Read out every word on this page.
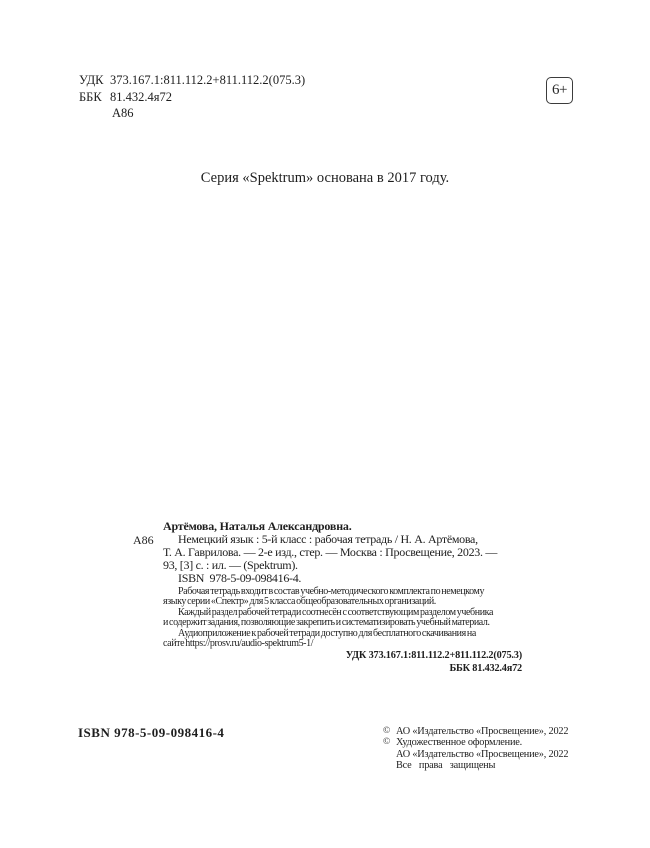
УДК 373.167.1:811.112.2+811.112.2(075.3)
ББК 81.432.4я72
А86
6+
Серия «Spektrum» основана в 2017 году.
А86
Артёмова, Наталья Александровна.
Немецкий язык : 5-й класс : рабочая тетрадь / Н. А. Артёмова,
Т. А. Гаврилова. — 2-е изд., стер. — Москва : Просвещение, 2023. —
93, [3] с. : ил. — (Spektrum).
ISBN  978-5-09-098416-4.
Рабочая тетрадь входит в состав учебно-методического комплекта по немецкому
языку серии «Спектр» для 5 класса общеобразовательных организаций.
Каждый раздел рабочей тетради соотнесён с соответствующим разделом учебника
и содержит задания, позволяющие закрепить и систематизировать учебный материал.
Аудиоприложение к рабочей тетради доступно для бесплатного скачивания на
сайте https://prosv.ru/audio-spektrum5-1/
УДК 373.167.1:811.112.2+811.112.2(075.3)
ББК 81.432.4я72
ISBN 978-5-09-098416-4	© АО «Издательство «Просвещение», 2022
© Художественное оформление.
АО «Издательство «Просвещение», 2022
Все права защищены
